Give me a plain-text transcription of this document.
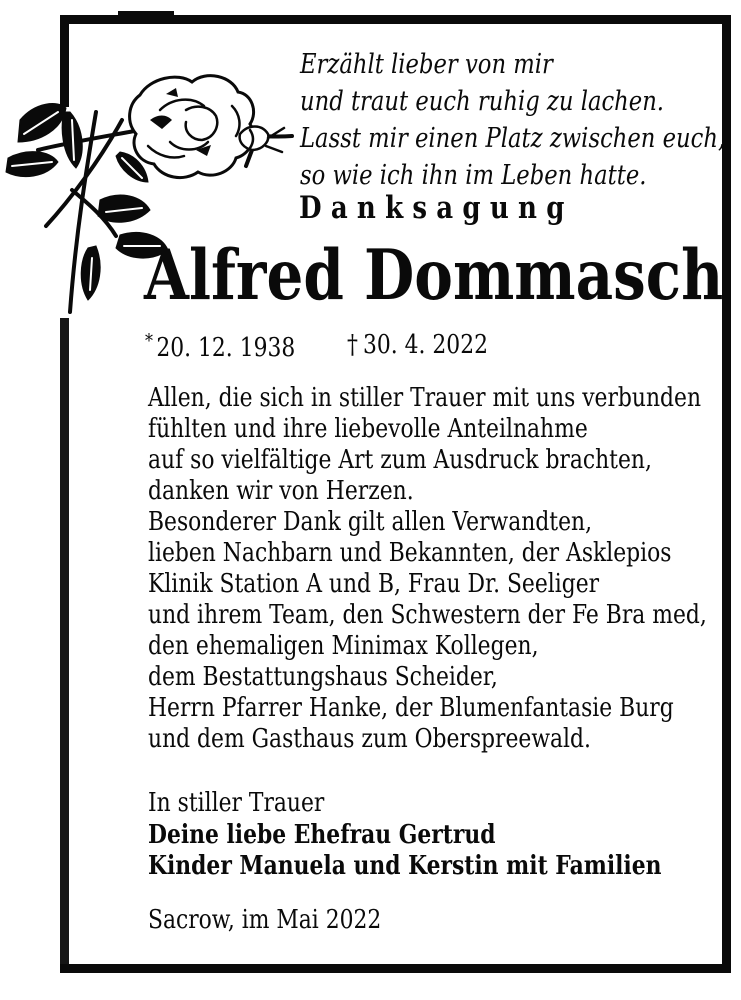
Erzählt lieber von mir
und traut euch ruhig zu lachen.
Lasst mir einen Platz zwischen euch,
so wie ich ihn im Leben hatte.
Danksagung
Alfred Dommasch
* 20. 12. 1938 † 30. 4. 2022
Allen, die sich in stiller Trauer mit uns verbunden
fühlten und ihre liebevolle Anteilnahme
auf so vielfältige Art zum Ausdruck brachten,
danken wir von Herzen.
Besonderer Dank gilt allen Verwandten,
lieben Nachbarn und Bekannten, der Asklepios
Klinik Station A und B, Frau Dr. Seeliger
und ihrem Team, den Schwestern der Fe Bra med,
den ehemaligen Minimax Kollegen,
dem Bestattungshaus Scheider,
Herrn Pfarrer Hanke, der Blumenfantasie Burg
und dem Gasthaus zum Oberspreewald.
In stiller Trauer
Deine liebe Ehefrau Gertrud
Kinder Manuela und Kerstin mit Familien
Sacrow, im Mai 2022
